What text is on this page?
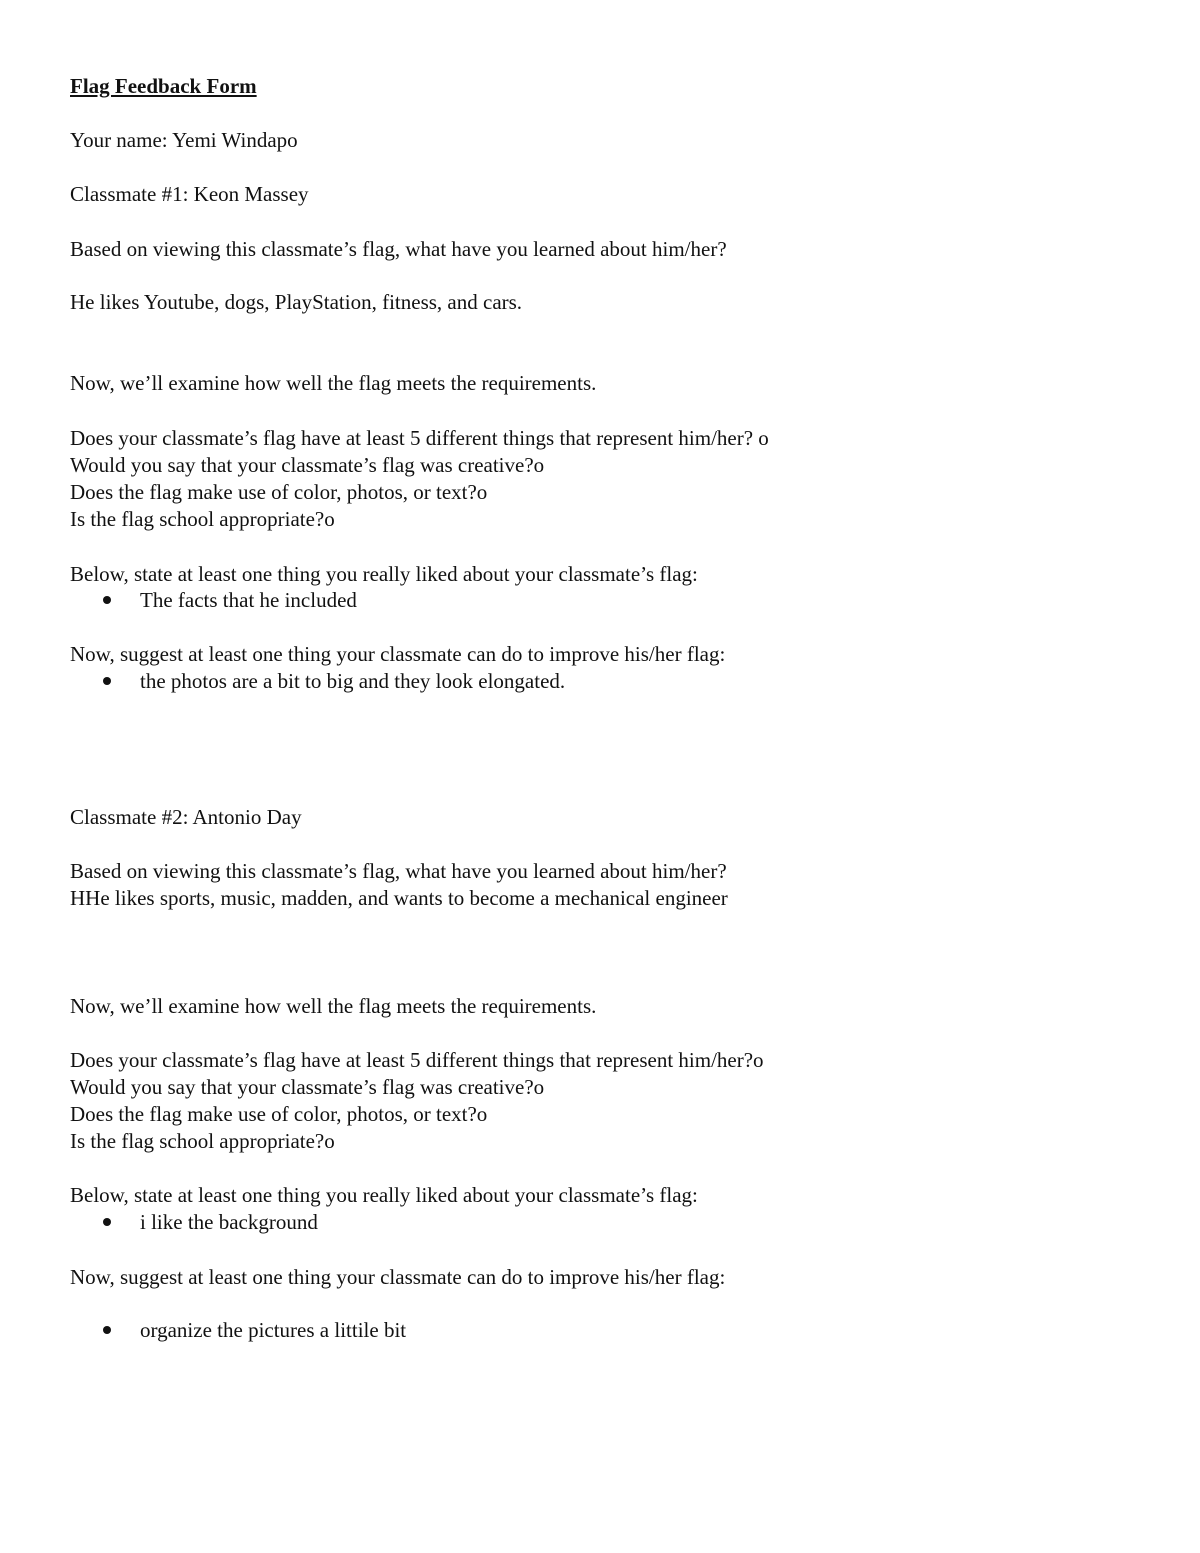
Flag Feedback Form
Your name: Yemi Windapo
Classmate #1: Keon Massey
Based on viewing this classmate’s flag, what have you learned about him/her?
He likes Youtube, dogs, PlayStation, fitness, and cars.
Now, we’ll examine how well the flag meets the requirements.
Does your classmate’s flag have at least 5 different things that represent him/her? o
Would you say that your classmate’s flag was creative?o
Does the flag make use of color, photos, or text?o
Is the flag school appropriate?o
Below, state at least one thing you really liked about your classmate’s flag:
The facts that he included
Now, suggest at least one thing your classmate can do to improve his/her flag:
the photos are a bit to big and they look elongated.
Classmate #2: Antonio Day
Based on viewing this classmate’s flag, what have you learned about him/her?
HHe likes sports, music, madden, and wants to become a mechanical engineer
Now, we’ll examine how well the flag meets the requirements.
Does your classmate’s flag have at least 5 different things that represent him/her?o
Would you say that your classmate’s flag was creative?o
Does the flag make use of color, photos, or text?o
Is the flag school appropriate?o
Below, state at least one thing you really liked about your classmate’s flag:
i like the background
Now, suggest at least one thing your classmate can do to improve his/her flag:
organize the pictures a littile bit
